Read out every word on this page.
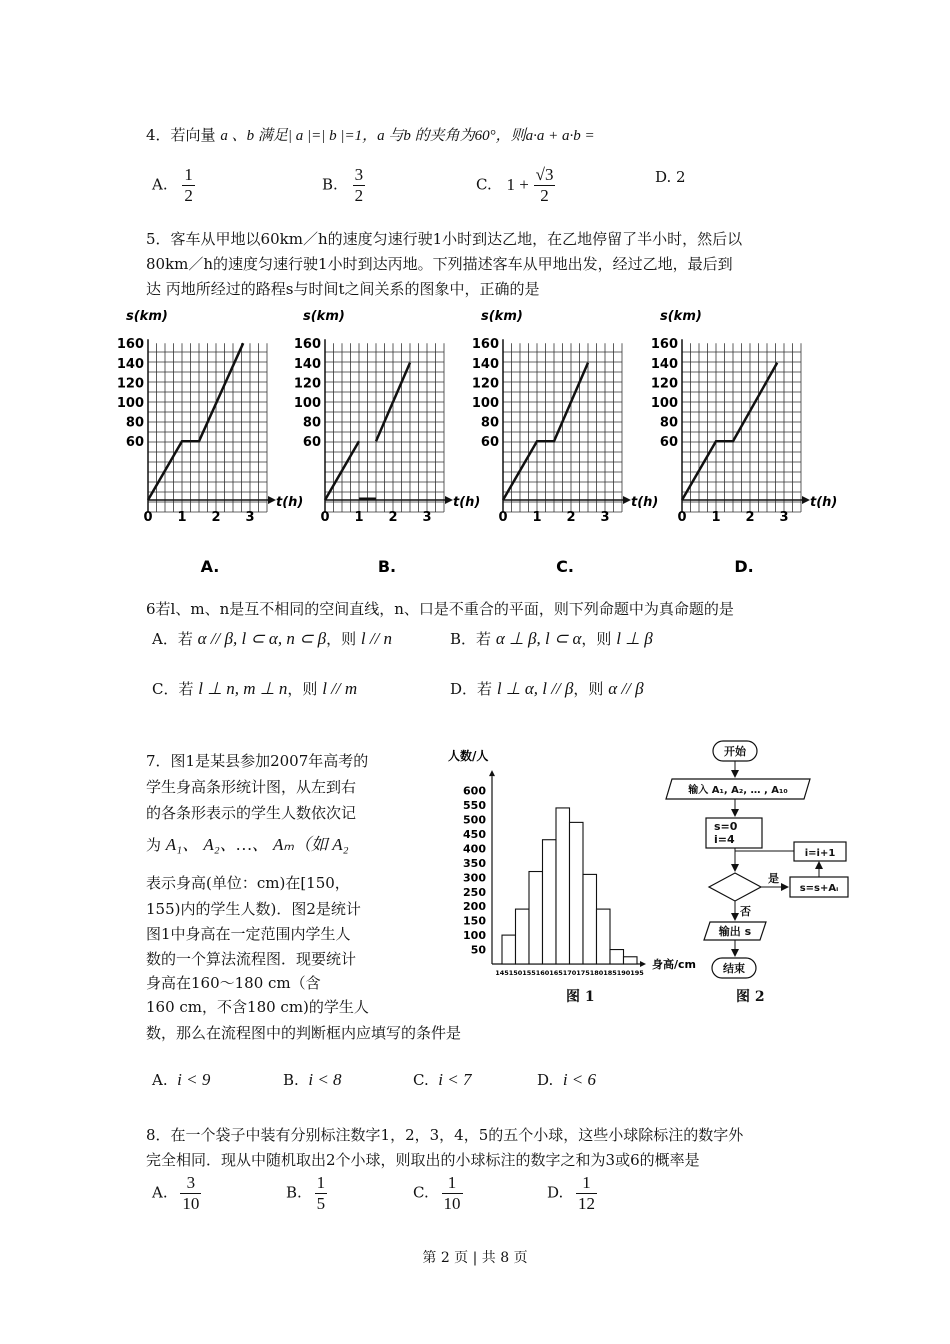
4．若向量 a 、b 满足| a |=| b |=1，a 与b 的夹角为60°，则a·a + a·b =
A. $\frac{1}{2}$	B. $\frac{3}{2}$	C. $1 + \frac{√3}{2}$	D. 2
5．客车从甲地以60km／h的速度匀速行驶1小时到达乙地，在乙地停留了半小时，然后以
80km／h的速度匀速行驶1小时到达丙地。下列描述客车从甲地出发，经过乙地，最后到
达 丙地所经过的路程s与时间t之间关系的图象中，正确的是
s(km)
160
140
120
100
80
60
0 1 2 3
t(h)
A.
s(km)
160
140
120
100
80
60
0 1 2 3
t(h)
B.
s(km)
160
140
120
100
80
60
0 1 2 3
t(h)
C.
s(km)
160
140
120
100
80
60
0 1 2 3
t(h)
D.
6若l、m、n是互不相同的空间直线，n、口是不重合的平面，则下列命题中为真命题的是
A．若 α // β, l ⊂ α, n ⊂ β，则 l // n	B．若 α ⊥ β, l ⊂ α，则 l ⊥ β
C．若 l ⊥ n, m ⊥ n，则 l // m	D．若 l ⊥ α, l // β，则 α // β
7．图1是某县参加2007年高考的
学生身高条形统计图，从左到右
的各条形表示的学生人数依次记
为 A₁、 A₂、…、 Aₘ（如 A₂
表示身高(单位：cm)在[150，
155)内的学生人数)．图2是统计
图1中身高在一定范围内学生人
数的一个算法流程图．现要统计
身高在160～180 cm（含
160 cm，不含180 cm)的学生人
数，那么在流程图中的判断框内应填写的条件是
人数/人
50
100
150
200
250
300
350
400
450
500
550
600
145 150 155 160 165 170 175 180 185 190 195
身高/cm
图 1
开始
输入 A₁, A₂, … , A₁₀
s=0
i=4
是
s=s+Aᵢ
i=i+1
否
输出 s
结束
图 2
A. i < 9	B. i < 8	C. i < 7	D. i < 6
8．在一个袋子中装有分别标注数字1，2，3，4，5的五个小球，这些小球除标注的数字外
完全相同．现从中随机取出2个小球，则取出的小球标注的数字之和为3或6的概率是
A. $\frac{3}{10}$	B. $\frac{1}{5}$	C. $\frac{1}{10}$	D. $\frac{1}{12}$
第 2 页 | 共 8 页
